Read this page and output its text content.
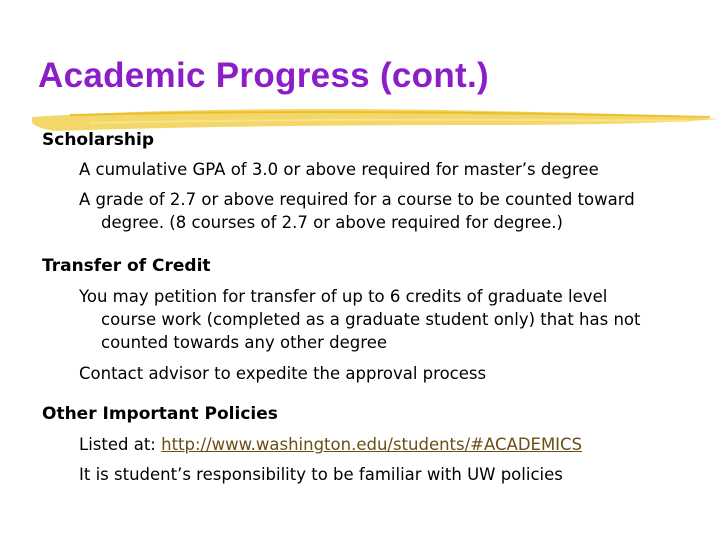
Academic Progress (cont.)
Scholarship
A cumulative GPA of 3.0 or above required for master’s degree
A grade of 2.7 or above required for a course to be counted toward
degree. (8 courses of 2.7 or above required for degree.)
Transfer of Credit
You may petition for transfer of up to 6 credits of graduate level
course work (completed as a graduate student only) that has not
counted towards any other degree
Contact advisor to expedite the approval process
Other Important Policies
Listed at: http://www.washington.edu/students/#ACADEMICS
It is student’s responsibility to be familiar with UW policies
